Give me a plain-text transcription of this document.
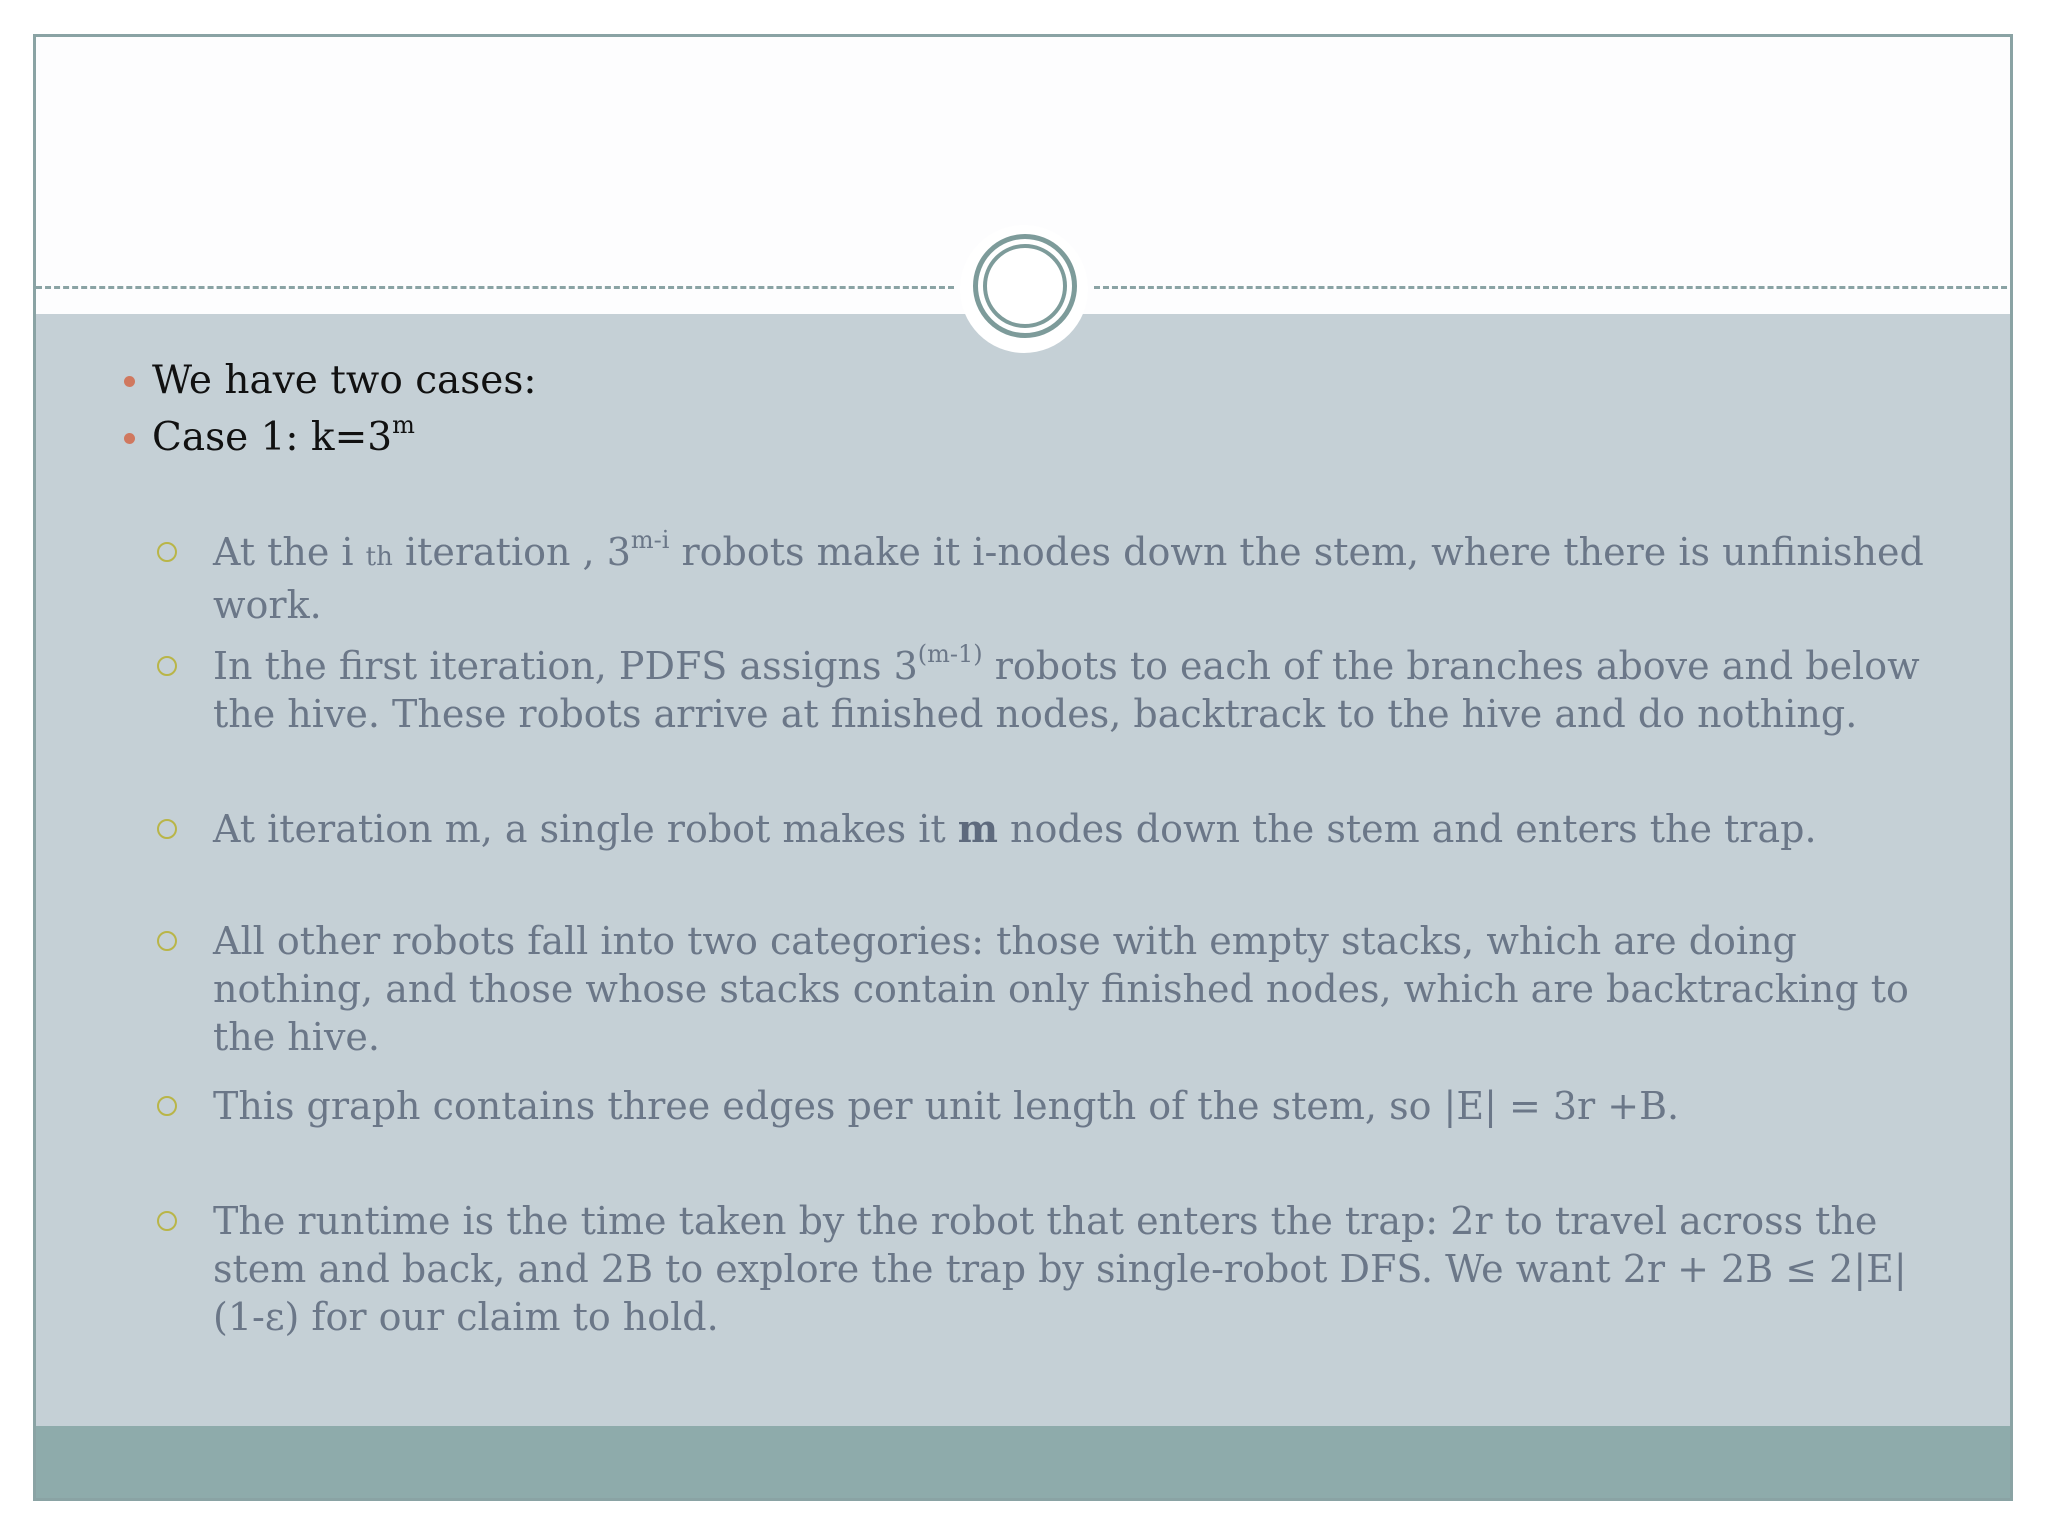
We have two cases:
Case 1: $k=3^m$
At the i th iteration , 3$^{m-i}$ robots make it i-nodes down the stem, where there is unfinished work.
In the first iteration, PDFS assigns 3$^{(m-1)}$ robots to each of the branches above and below the hive. These robots arrive at finished nodes, backtrack to the hive and do nothing.
At iteration m, a single robot makes it m nodes down the stem and enters the trap.
All other robots fall into two categories: those with empty stacks, which are doing nothing, and those whose stacks contain only finished nodes, which are backtracking to the hive.
This graph contains three edges per unit length of the stem, so |E| = 3r +B.
The runtime is the time taken by the robot that enters the trap: 2r to travel across the stem and back, and 2B to explore the trap by single-robot DFS. We want 2r + 2B ≤ 2|E|(1-ε) for our claim to hold.
